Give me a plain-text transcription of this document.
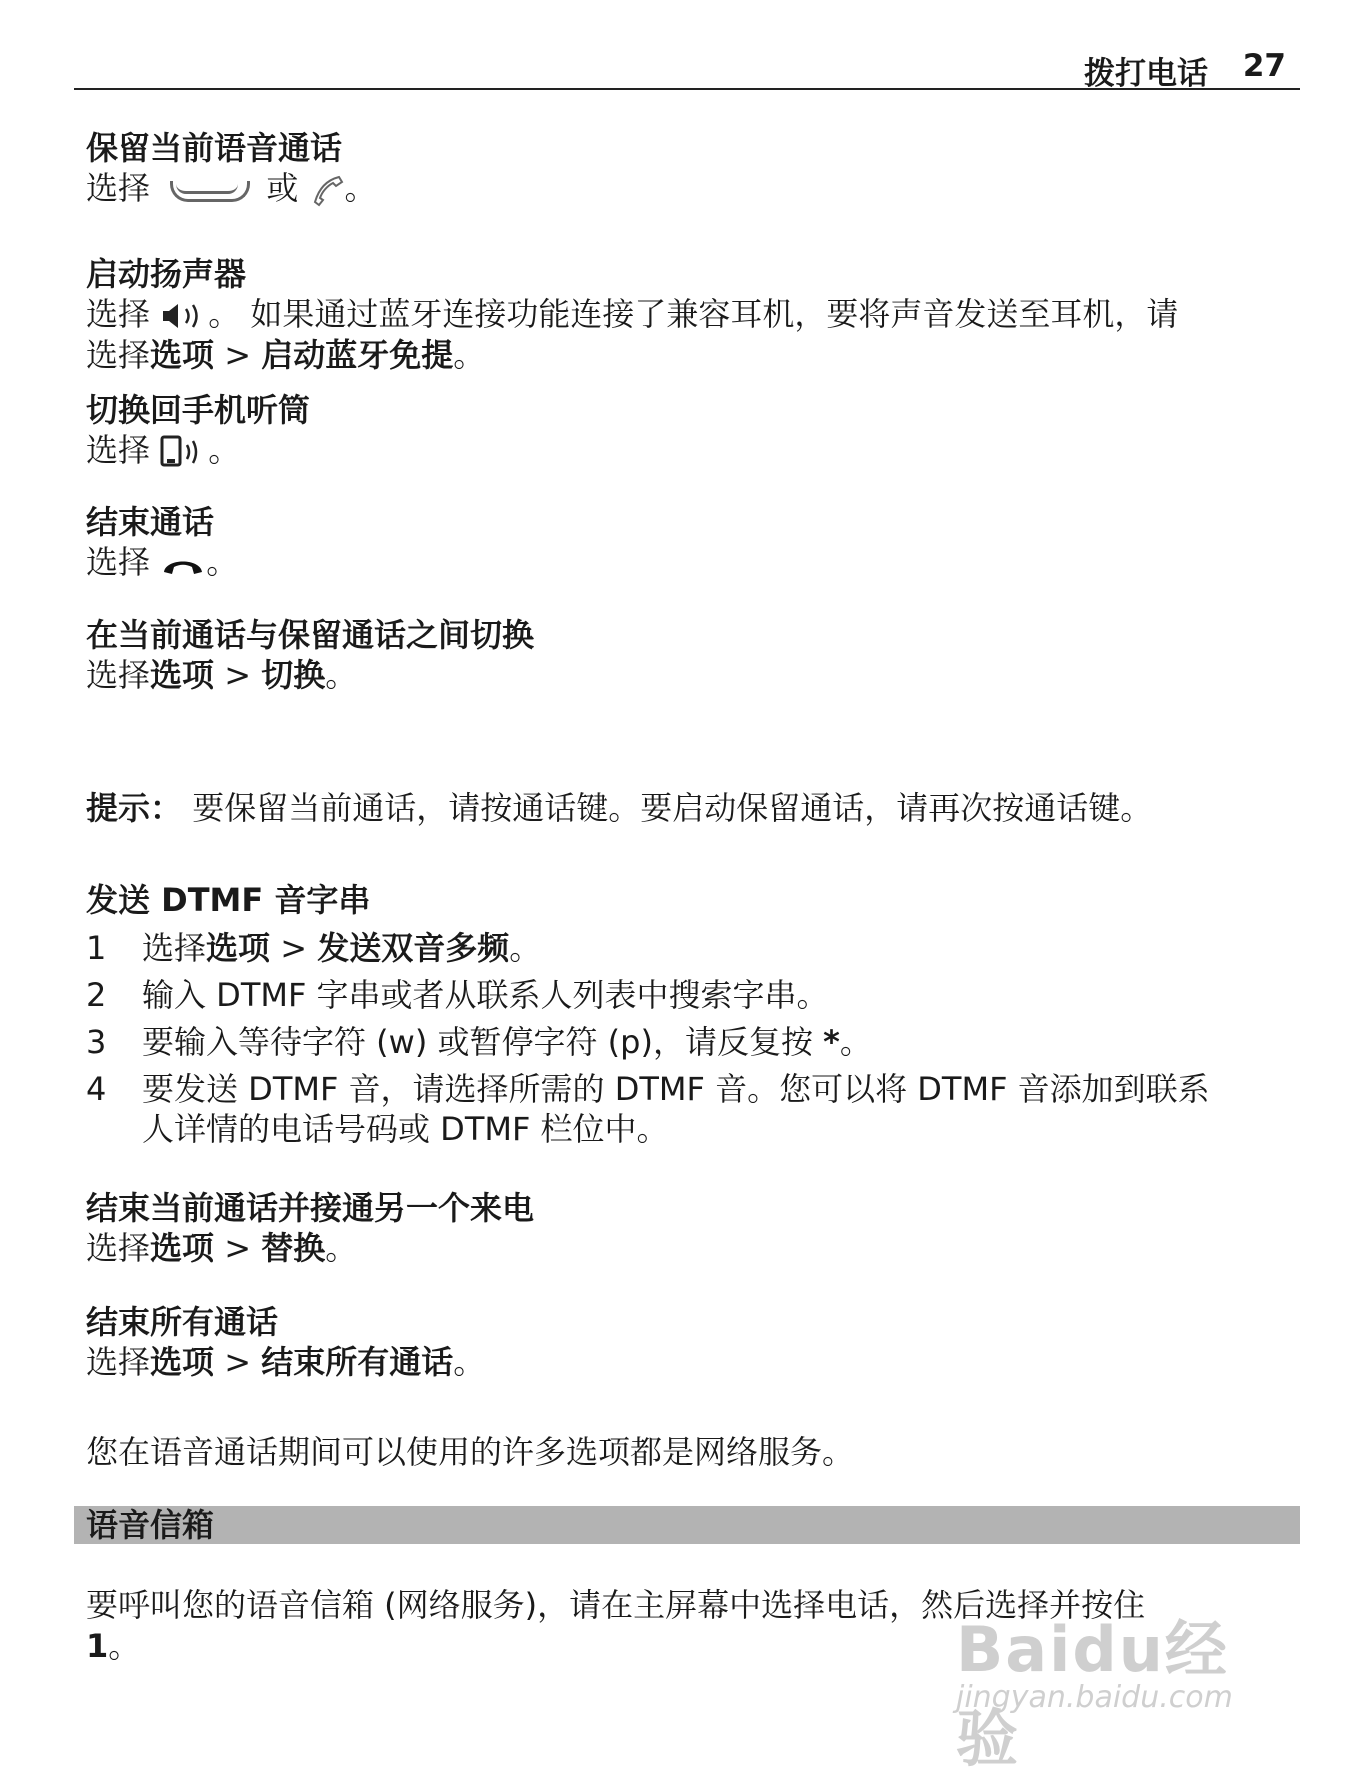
拨打电话 27

保留当前语音通话

选择	或 。

启动扬声器

选择 。 如果通过蓝牙连接功能连接了兼容耳机，要将声音发送至耳机，请

选择选项 > 启动蓝牙免提。

切换回手机听筒

选择 。

结束通话

选择 。

在当前通话与保留通话之间切换

选择选项 > 切换。

提示： 要保留当前通话，请按通话键。要启动保留通话，请再次按通话键。

发送 DTMF 音字串

1 选择选项 > 发送双音多频。
2 输入 DTMF 字串或者从联系人列表中搜索字串。
3 要输入等待字符 (w) 或暂停字符 (p)，请反复按 *。
4 要发送 DTMF 音，请选择所需的 DTMF 音。您可以将 DTMF 音添加到联系
人详情的电话号码或 DTMF 栏位中。

结束当前通话并接通另一个来电

选择选项 > 替换。

结束所有通话

选择选项 > 结束所有通话。

您在语音通话期间可以使用的许多选项都是网络服务。

要呼叫您的语音信箱 (网络服务)，请在主屏幕中选择电话，然后选择并按住
1。

语音信箱
Baidu经验
jingyan.baidu.com
